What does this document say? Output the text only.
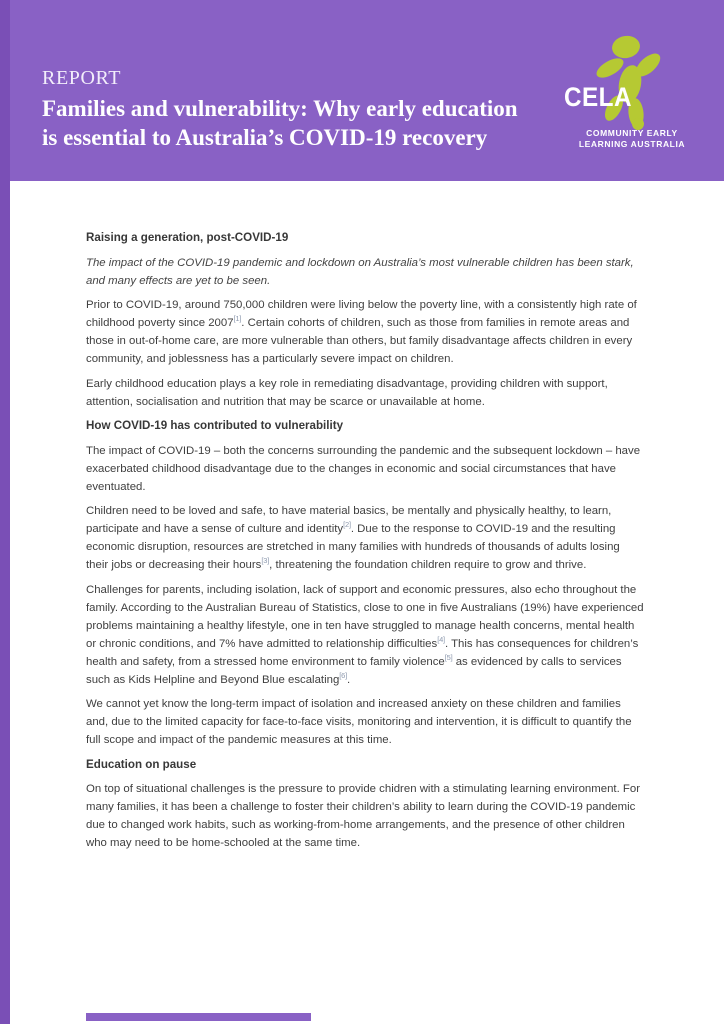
REPORT
Families and vulnerability: Why early education
is essential to Australia’s COVID-19 recovery
CELA
COMMUNITY EARLY
LEARNING AUSTRALIA

Raising a generation, post-COVID-19

The impact of the COVID-19 pandemic and lockdown on Australia’s most vulnerable children has been stark, and many effects are yet to be seen.

Prior to COVID-19, around 750,000 children were living below the poverty line, with a consistently high rate of childhood poverty since 2007[1]. Certain cohorts of children, such as those from families in remote areas and those in out-of-home care, are more vulnerable than others, but family disadvantage affects children in every community, and joblessness has a particularly severe impact on children.

Early childhood education plays a key role in remediating disadvantage, providing children with support, attention, socialisation and nutrition that may be scarce or unavailable at home.

How COVID-19 has contributed to vulnerability

The impact of COVID-19 – both the concerns surrounding the pandemic and the subsequent lockdown – have exacerbated childhood disadvantage due to the changes in economic and social circumstances that have eventuated.

Children need to be loved and safe, to have material basics, be mentally and physically healthy, to learn, participate and have a sense of culture and identity[2]. Due to the response to COVID-19 and the resulting economic disruption, resources are stretched in many families with hundreds of thousands of adults losing their jobs or decreasing their hours[3], threatening the foundation children require to grow and thrive.

Challenges for parents, including isolation, lack of support and economic pressures, also echo throughout the family. According to the Australian Bureau of Statistics, close to one in five Australians (19%) have experienced problems maintaining a healthy lifestyle, one in ten have struggled to manage health concerns, mental health or chronic conditions, and 7% have admitted to relationship difficulties[4]. This has consequences for children’s health and safety, from a stressed home environment to family violence[5] as evidenced by calls to services such as Kids Helpline and Beyond Blue escalating[6].

We cannot yet know the long-term impact of isolation and increased anxiety on these children and families and, due to the limited capacity for face-to-face visits, monitoring and intervention, it is difficult to quantify the full scope and impact of the pandemic measures at this time.

Education on pause

On top of situational challenges is the pressure to provide chidren with a stimulating learning environment. For many families, it has been a challenge to foster their children’s ability to learn during the COVID-19 pandemic due to changed work habits, such as working-from-home arrangements, and the presence of other children who may need to be home-schooled at the same time.
